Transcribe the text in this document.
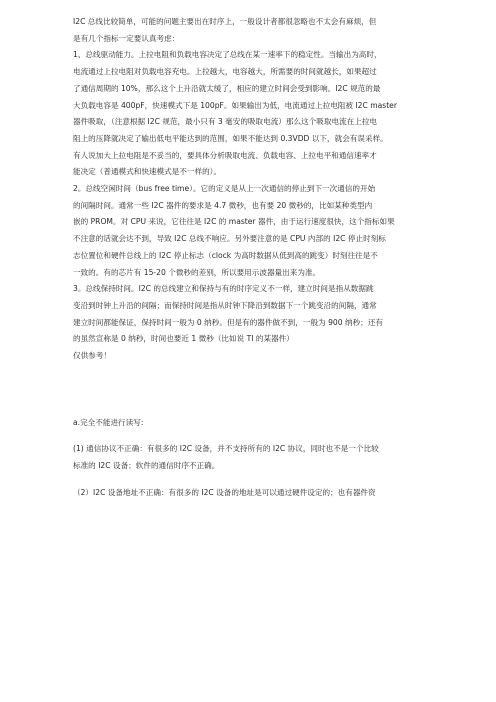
I2C 总线比较简单，可能的问题主要出在时序上，一般设计者都很忽略也不太会有麻烦，但
是有几个指标一定要认真考虑：
1、总线驱动能力。上拉电阻和负载电容决定了总线在某一速率下的稳定性。当输出为高时，
电流通过上拉电阻对负载电容充电。上拉越大，电容越大，所需要的时间就越长，如果超过
了通信周期的 10%，那么这个上升沿就太缓了，相应的建立时间会受到影响。I2C 规范的最
大负载电容是 400pF，快速模式下是 100pF。如果输出为低，电流通过上拉电阻被 I2C master
器件吸取，（注意根据 I2C 规范，最小只有 3 毫安的吸取电流）那么这个吸取电流在上拉电
阻上的压降就决定了输出低电平能达到的范围，如果不能达到 0.3VDD 以下，就会有误采样。
有人说加大上拉电阻是不妥当的，要具体分析吸取电流、负载电容、上拉电平和通信速率才
能决定（普通模式和快速模式是不一样的）。
2。总线空闲时间（bus free time）。它的定义是从上一次通信的停止到下一次通信的开始
的间隔时间。通常一些 I2C 器件的要求是 4.7 微秒，也有要 20 微秒的，比如某种类型内
嵌的 PROM。对 CPU 来说，它往往是 I2C 的 master 器件，由于运行速度很快，这个指标如果
不注意的话就会达不到，导致 I2C 总线不响应。另外要注意的是 CPU 内部的 I2C 停止时刻标
志位置位和硬件总线上的 I2C 停止标志（clock 为高时数据从低到高的跳变）时刻往往是不
一致的。有的芯片有 15-20 个微秒的差别，所以要用示波器量出来为准。
3。总线保持时间。I2C 的总线建立和保持与有的时序定义不一样，建立时间是指从数据跳
变沿到时钟上升沿的间隔；而保持时间是指从时钟下降沿到数据下一个跳变沿的间隔，通常
建立时间都能保证，保持时间一般为 0 纳秒。但是有的器件做不到，一般为 900 纳秒；还有
的虽然宣称是 0 纳秒，时间也要近 1 微秒（比如说 TI 的某器件）
仅供参考！
a.完全不能进行读写:
(1) 通信协议不正确：有很多的 I2C 设备，并不支持所有的 I2C 协议，同时也不是一个比较
标准的 I2C 设备；软件的通信时序不正确。
（2）I2C 设备地址不正确：有很多的 I2C 设备的地址是可以通过硬件设定的；也有器件资
